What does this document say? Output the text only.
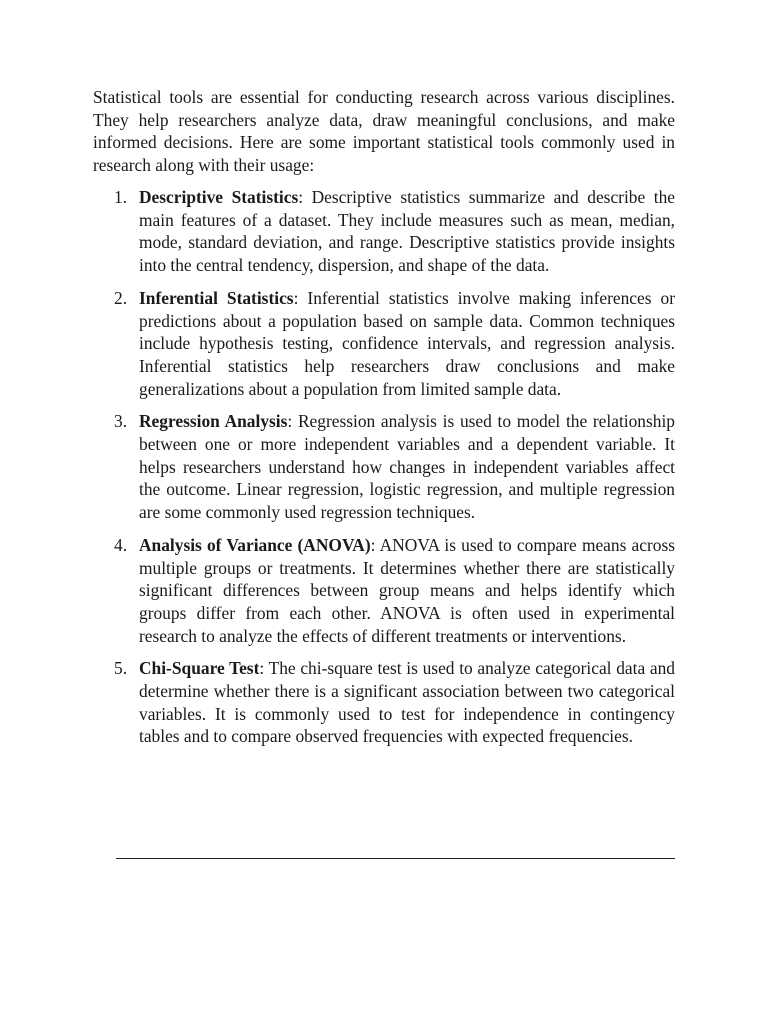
Statistical tools are essential for conducting research across various disciplines. They help researchers analyze data, draw meaningful conclusions, and make informed decisions. Here are some important statistical tools commonly used in research along with their usage:

1. Descriptive Statistics: Descriptive statistics summarize and describe the main features of a dataset. They include measures such as mean, median, mode, standard deviation, and range. Descriptive statistics provide insights into the central tendency, dispersion, and shape of the data.
2. Inferential Statistics: Inferential statistics involve making inferences or predictions about a population based on sample data. Common techniques include hypothesis testing, confidence intervals, and regression analysis. Inferential statistics help researchers draw conclusions and make generalizations about a population from limited sample data.
3. Regression Analysis: Regression analysis is used to model the relationship between one or more independent variables and a dependent variable. It helps researchers understand how changes in independent variables affect the outcome. Linear regression, logistic regression, and multiple regression are some commonly used regression techniques.
4. Analysis of Variance (ANOVA): ANOVA is used to compare means across multiple groups or treatments. It determines whether there are statistically significant differences between group means and helps identify which groups differ from each other. ANOVA is often used in experimental research to analyze the effects of different treatments or interventions.
5. Chi-Square Test: The chi-square test is used to analyze categorical data and determine whether there is a significant association between two categorical variables. It is commonly used to test for independence in contingency tables and to compare observed frequencies with expected frequencies.
